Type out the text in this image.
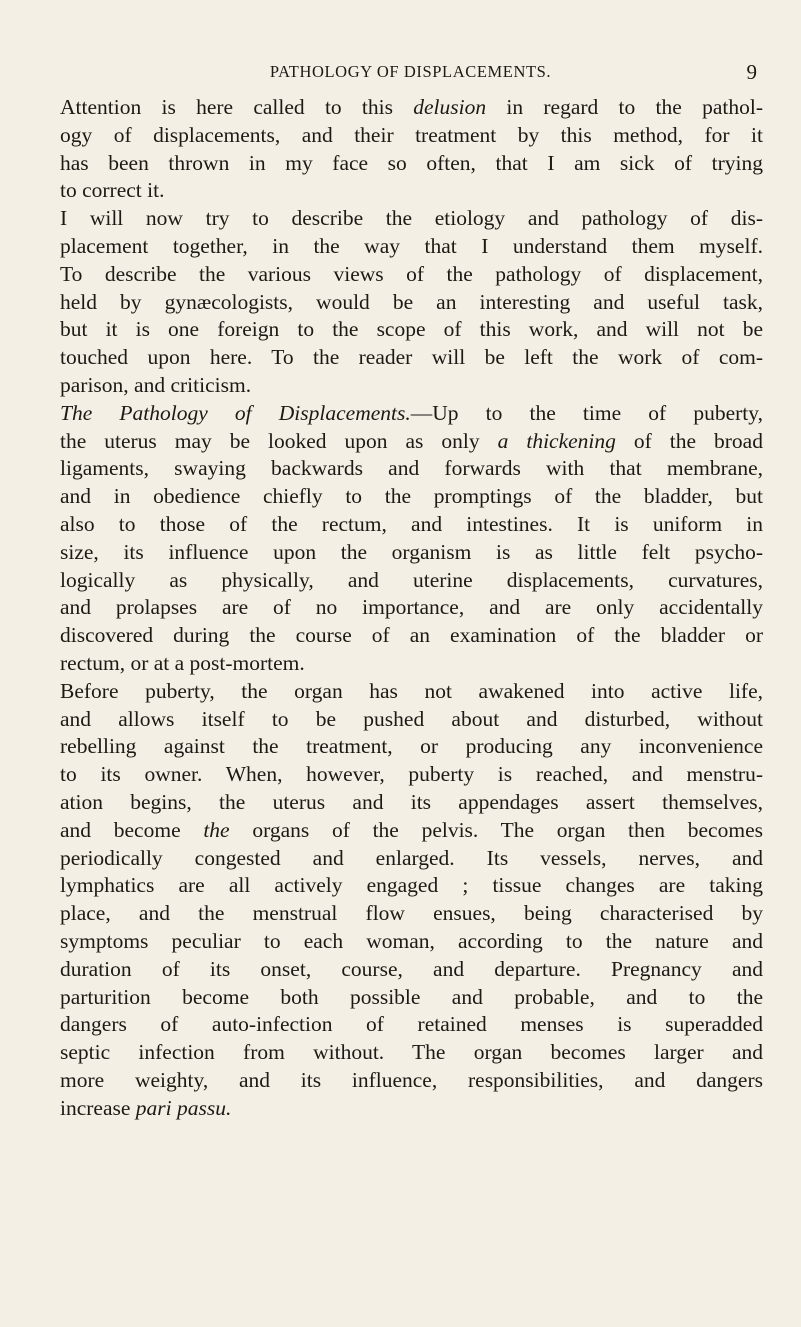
PATHOLOGY OF DISPLACEMENTS.	9
Attention is here called to this delusion in regard to the pathol-
ogy of displacements, and their treatment by this method, for it
has been thrown in my face so often, that I am sick of trying
to correct it.
I will now try to describe the etiology and pathology of dis-
placement together, in the way that I understand them myself.
To describe the various views of the pathology of displacement,
held by gynæcologists, would be an interesting and useful task,
but it is one foreign to the scope of this work, and will not be
touched upon here. To the reader will be left the work of com-
parison, and criticism.
The Pathology of Displacements.—Up to the time of puberty,
the uterus may be looked upon as only a thickening of the broad
ligaments, swaying backwards and forwards with that membrane,
and in obedience chiefly to the promptings of the bladder, but
also to those of the rectum, and intestines. It is uniform in
size, its influence upon the organism is as little felt psycho-
logically as physically, and uterine displacements, curvatures,
and prolapses are of no importance, and are only accidentally
discovered during the course of an examination of the bladder or
rectum, or at a post-mortem.
Before puberty, the organ has not awakened into active life,
and allows itself to be pushed about and disturbed, without
rebelling against the treatment, or producing any inconvenience
to its owner. When, however, puberty is reached, and menstru-
ation begins, the uterus and its appendages assert themselves,
and become the organs of the pelvis. The organ then becomes
periodically congested and enlarged. Its vessels, nerves, and
lymphatics are all actively engaged ; tissue changes are taking
place, and the menstrual flow ensues, being characterised by
symptoms peculiar to each woman, according to the nature and
duration of its onset, course, and departure. Pregnancy and
parturition become both possible and probable, and to the
dangers of auto-infection of retained menses is superadded
septic infection from without. The organ becomes larger and
more weighty, and its influence, responsibilities, and dangers
increase pari passu.
